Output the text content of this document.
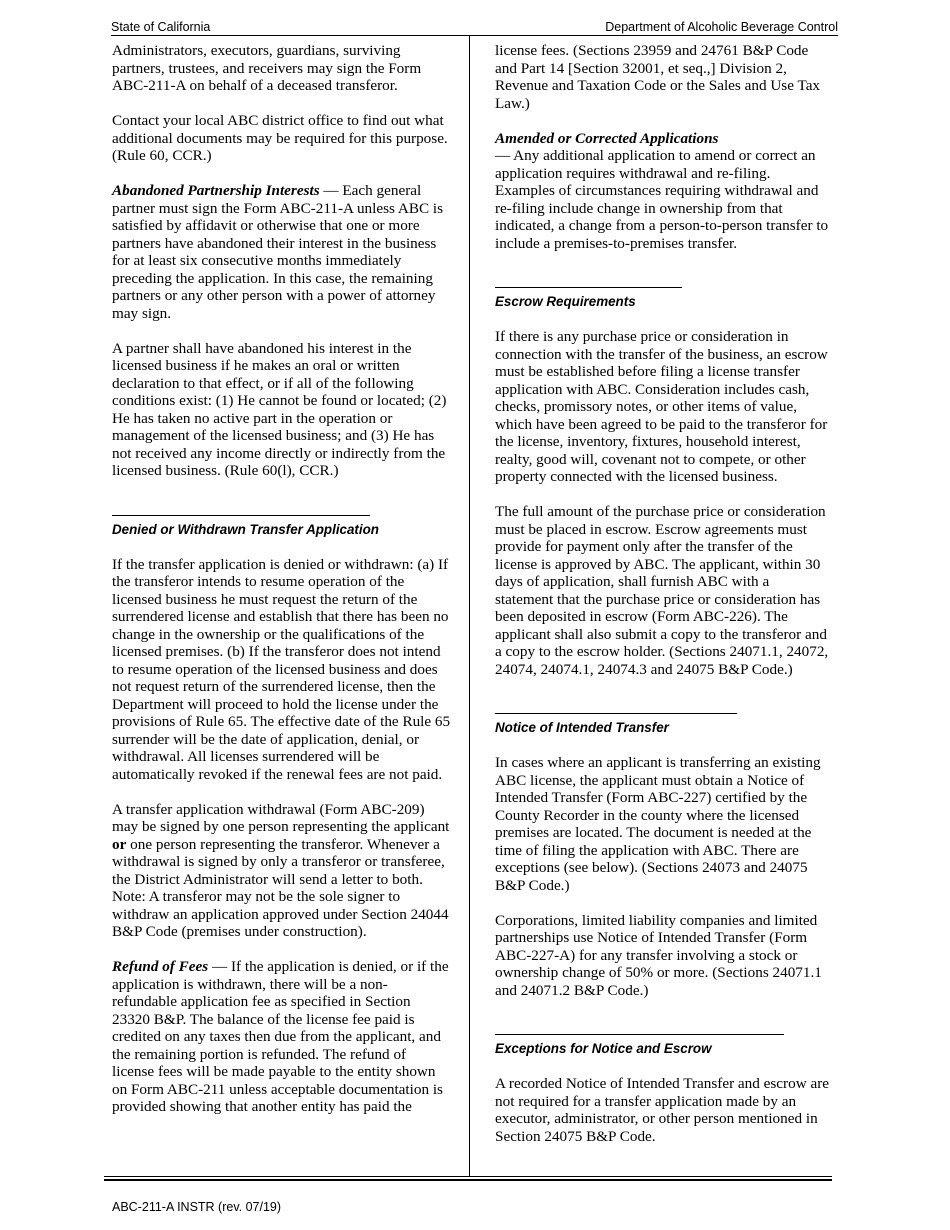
State of California	Department of Alcoholic Beverage Control

Administrators, executors, guardians, surviving partners, trustees, and receivers may sign the Form ABC-211-A on behalf of a deceased transferor.

Contact your local ABC district office to find out what additional documents may be required for this purpose. (Rule 60, CCR.)

Abandoned Partnership Interests — Each general partner must sign the Form ABC-211-A unless ABC is satisfied by affidavit or otherwise that one or more partners have abandoned their interest in the business for at least six consecutive months immediately preceding the application. In this case, the remaining partners or any other person with a power of attorney may sign.

A partner shall have abandoned his interest in the licensed business if he makes an oral or written declaration to that effect, or if all of the following conditions exist: (1) He cannot be found or located; (2) He has taken no active part in the operation or management of the licensed business; and (3) He has not received any income directly or indirectly from the licensed business. (Rule 60(l), CCR.)

Denied or Withdrawn Transfer Application

If the transfer application is denied or withdrawn: (a) If the transferor intends to resume operation of the licensed business he must request the return of the surrendered license and establish that there has been no change in the ownership or the qualifications of the licensed premises. (b) If the transferor does not intend to resume operation of the licensed business and does not request return of the surrendered license, then the Department will proceed to hold the license under the provisions of Rule 65. The effective date of the Rule 65 surrender will be the date of application, denial, or withdrawal. All licenses surrendered will be automatically revoked if the renewal fees are not paid.

A transfer application withdrawal (Form ABC-209) may be signed by one person representing the applicant or one person representing the transferor. Whenever a withdrawal is signed by only a transferor or transferee, the District Administrator will send a letter to both. Note: A transferor may not be the sole signer to withdraw an application approved under Section 24044 B&P Code (premises under construction).

Refund of Fees — If the application is denied, or if the application is withdrawn, there will be a non-refundable application fee as specified in Section 23320 B&P. The balance of the license fee paid is credited on any taxes then due from the applicant, and the remaining portion is refunded. The refund of license fees will be made payable to the entity shown on Form ABC-211 unless acceptable documentation is provided showing that another entity has paid the

license fees. (Sections 23959 and 24761 B&P Code and Part 14 [Section 32001, et seq.,] Division 2, Revenue and Taxation Code or the Sales and Use Tax Law.)

Amended or Corrected Applications
— Any additional application to amend or correct an application requires withdrawal and re-filing. Examples of circumstances requiring withdrawal and re-filing include change in ownership from that indicated, a change from a person-to-person transfer to include a premises-to-premises transfer.

Escrow Requirements

If there is any purchase price or consideration in connection with the transfer of the business, an escrow must be established before filing a license transfer application with ABC. Consideration includes cash, checks, promissory notes, or other items of value, which have been agreed to be paid to the transferor for the license, inventory, fixtures, household interest, realty, good will, covenant not to compete, or other property connected with the licensed business.

The full amount of the purchase price or consideration must be placed in escrow. Escrow agreements must provide for payment only after the transfer of the license is approved by ABC. The applicant, within 30 days of application, shall furnish ABC with a statement that the purchase price or consideration has been deposited in escrow (Form ABC-226). The applicant shall also submit a copy to the transferor and a copy to the escrow holder. (Sections 24071.1, 24072, 24074, 24074.1, 24074.3 and 24075 B&P Code.)

Notice of Intended Transfer

In cases where an applicant is transferring an existing ABC license, the applicant must obtain a Notice of Intended Transfer (Form ABC-227) certified by the County Recorder in the county where the licensed premises are located. The document is needed at the time of filing the application with ABC. There are exceptions (see below). (Sections 24073 and 24075 B&P Code.)

Corporations, limited liability companies and limited partnerships use Notice of Intended Transfer (Form ABC-227-A) for any transfer involving a stock or ownership change of 50% or more. (Sections 24071.1 and 24071.2 B&P Code.)

Exceptions for Notice and Escrow

A recorded Notice of Intended Transfer and escrow are not required for a transfer application made by an executor, administrator, or other person mentioned in Section 24075 B&P Code.

ABC-211-A INSTR (rev. 07/19)
